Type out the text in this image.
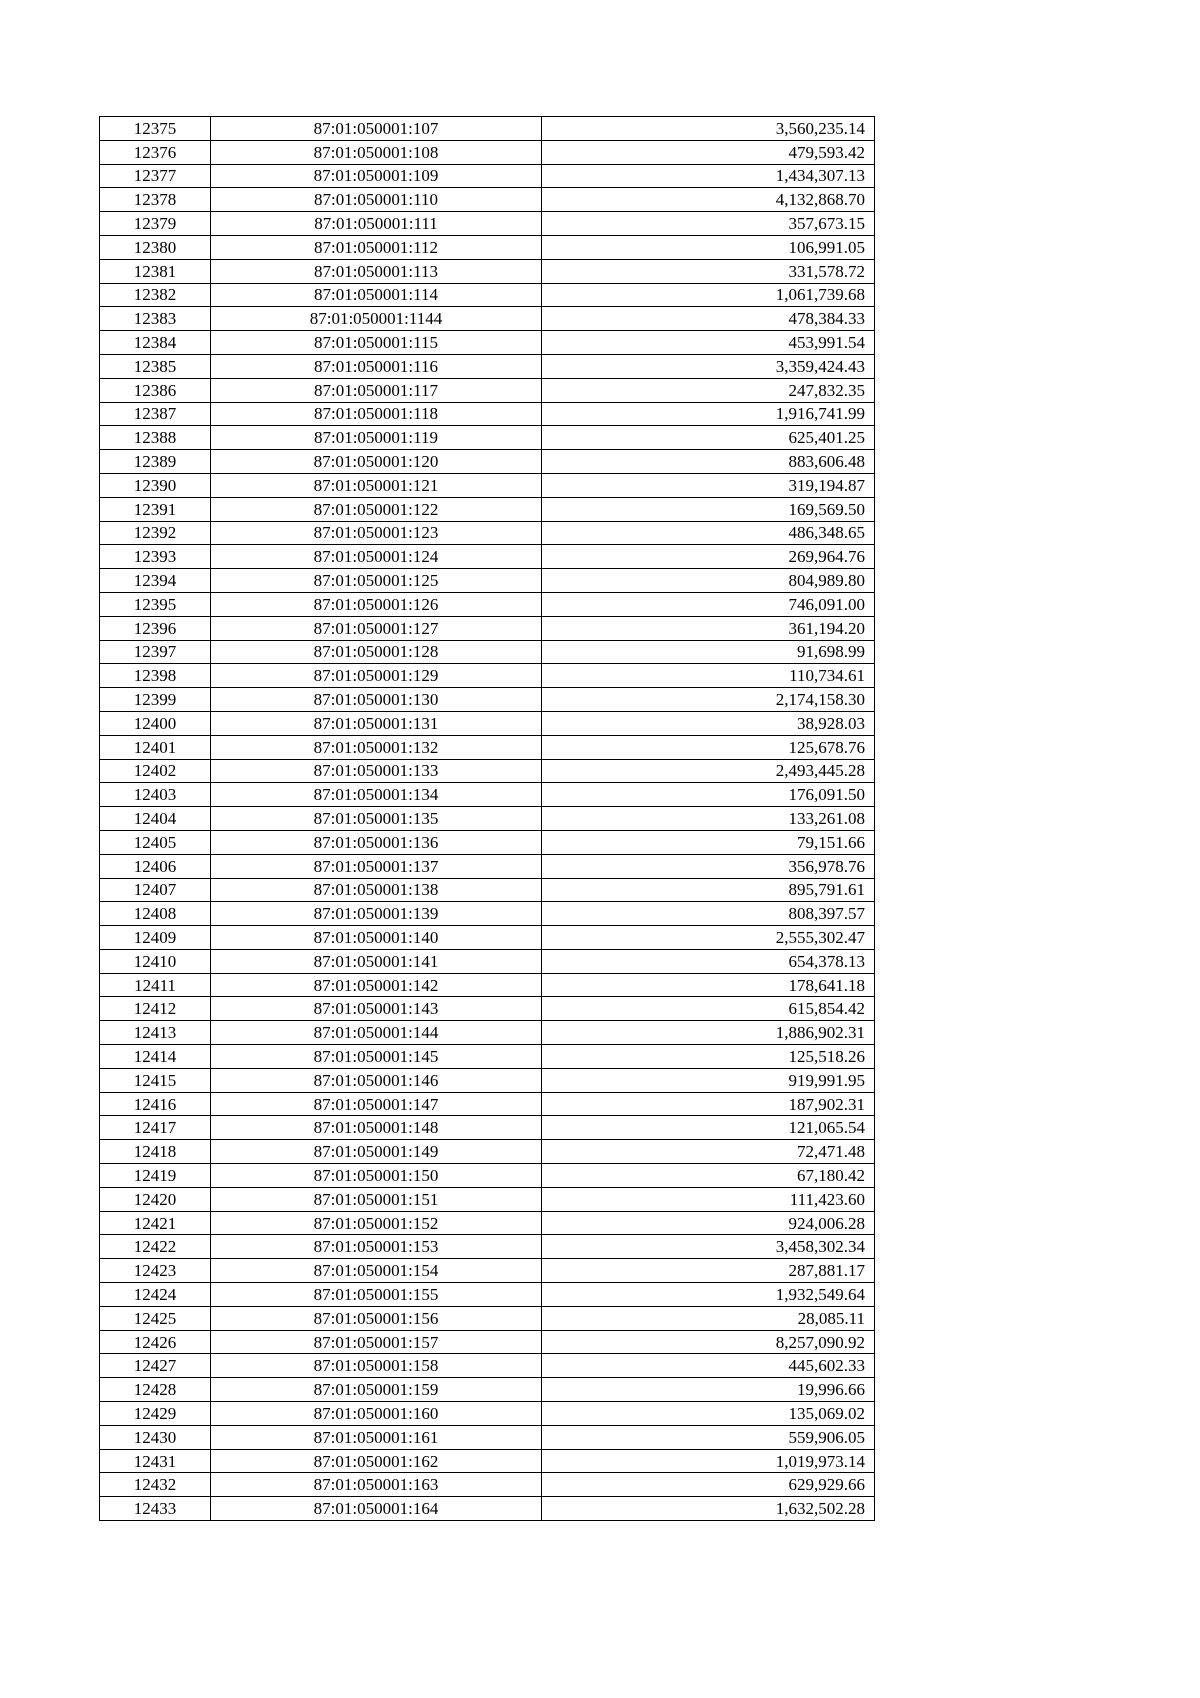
12375	87:01:050001:107	3,560,235.14
12376	87:01:050001:108	479,593.42
12377	87:01:050001:109	1,434,307.13
12378	87:01:050001:110	4,132,868.70
12379	87:01:050001:111	357,673.15
12380	87:01:050001:112	106,991.05
12381	87:01:050001:113	331,578.72
12382	87:01:050001:114	1,061,739.68
12383	87:01:050001:1144	478,384.33
12384	87:01:050001:115	453,991.54
12385	87:01:050001:116	3,359,424.43
12386	87:01:050001:117	247,832.35
12387	87:01:050001:118	1,916,741.99
12388	87:01:050001:119	625,401.25
12389	87:01:050001:120	883,606.48
12390	87:01:050001:121	319,194.87
12391	87:01:050001:122	169,569.50
12392	87:01:050001:123	486,348.65
12393	87:01:050001:124	269,964.76
12394	87:01:050001:125	804,989.80
12395	87:01:050001:126	746,091.00
12396	87:01:050001:127	361,194.20
12397	87:01:050001:128	91,698.99
12398	87:01:050001:129	110,734.61
12399	87:01:050001:130	2,174,158.30
12400	87:01:050001:131	38,928.03
12401	87:01:050001:132	125,678.76
12402	87:01:050001:133	2,493,445.28
12403	87:01:050001:134	176,091.50
12404	87:01:050001:135	133,261.08
12405	87:01:050001:136	79,151.66
12406	87:01:050001:137	356,978.76
12407	87:01:050001:138	895,791.61
12408	87:01:050001:139	808,397.57
12409	87:01:050001:140	2,555,302.47
12410	87:01:050001:141	654,378.13
12411	87:01:050001:142	178,641.18
12412	87:01:050001:143	615,854.42
12413	87:01:050001:144	1,886,902.31
12414	87:01:050001:145	125,518.26
12415	87:01:050001:146	919,991.95
12416	87:01:050001:147	187,902.31
12417	87:01:050001:148	121,065.54
12418	87:01:050001:149	72,471.48
12419	87:01:050001:150	67,180.42
12420	87:01:050001:151	111,423.60
12421	87:01:050001:152	924,006.28
12422	87:01:050001:153	3,458,302.34
12423	87:01:050001:154	287,881.17
12424	87:01:050001:155	1,932,549.64
12425	87:01:050001:156	28,085.11
12426	87:01:050001:157	8,257,090.92
12427	87:01:050001:158	445,602.33
12428	87:01:050001:159	19,996.66
12429	87:01:050001:160	135,069.02
12430	87:01:050001:161	559,906.05
12431	87:01:050001:162	1,019,973.14
12432	87:01:050001:163	629,929.66
12433	87:01:050001:164	1,632,502.28
